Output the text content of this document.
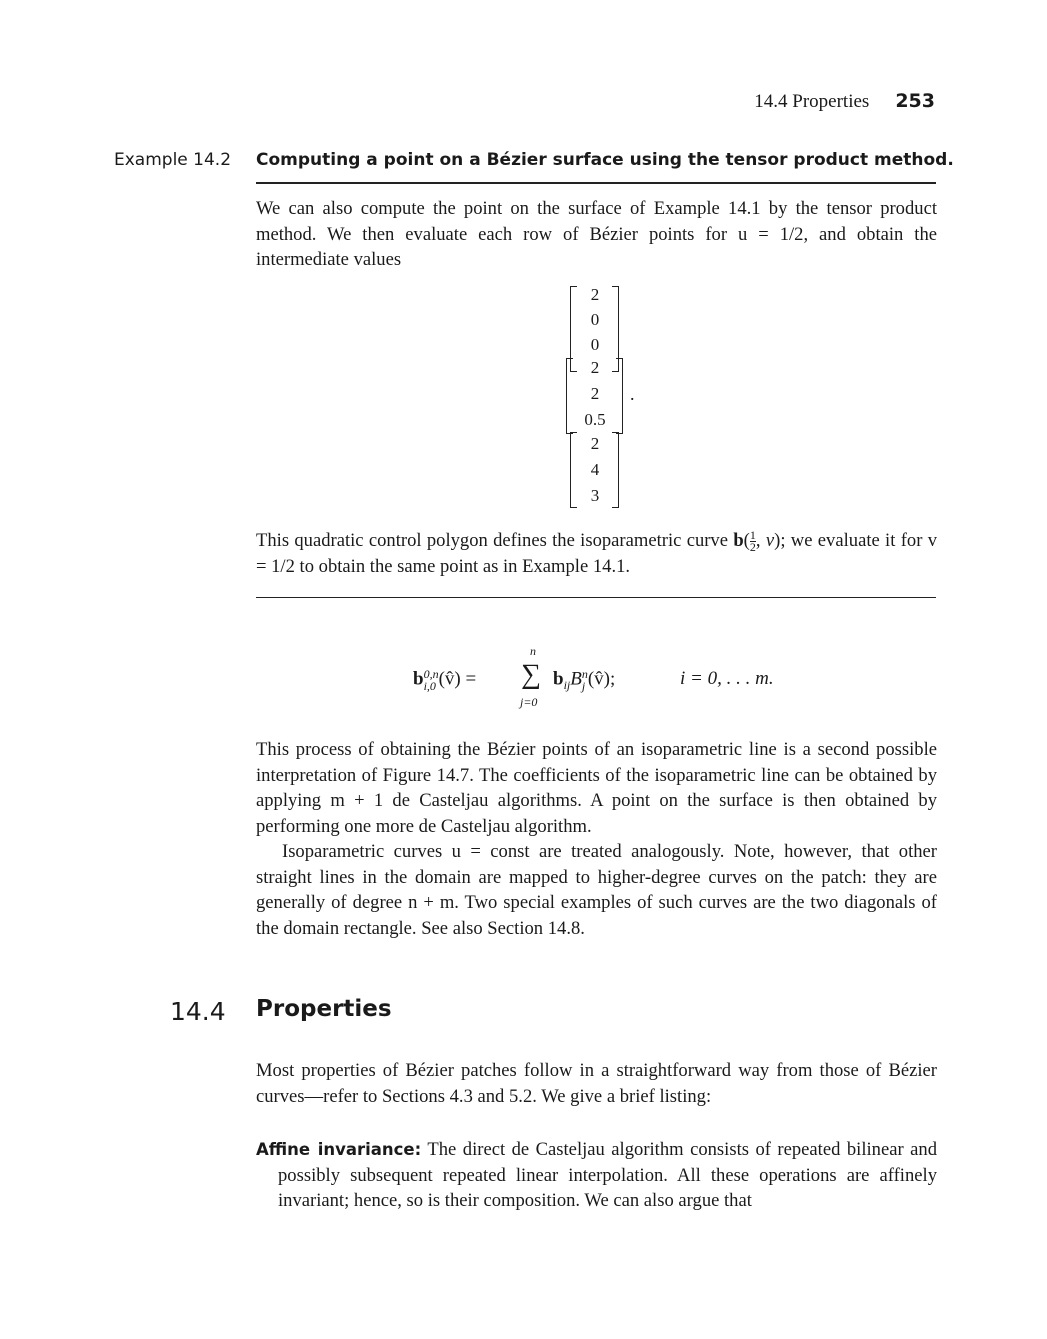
14.4 Properties 253
Example 14.2 Computing a point on a Bézier surface using the tensor product method.

We can also compute the point on the surface of Example 14.1 by the tensor product method. We then evaluate each row of Bézier points for u = 1/2, and obtain the intermediate values

2
0
0
2
2
0.5
.
2
4
3

This quadratic control polygon defines the isoparametric curve $b( \frac{1}{2}$ , v); we evaluate it for v = 1/2 to obtain the same point as in Example 14.1.

b 0,n
i,0 (v̂) =
n
∑
j=0
$b_{ij}B$ n
j (v̂);	i = 0, . . . m.

This process of obtaining the Bézier points of an isoparametric line is a second possible interpretation of Figure 14.7. The coefficients of the isoparametric line can be obtained by applying m + 1 de Casteljau algorithms. A point on the surface is then obtained by performing one more de Casteljau algorithm.

Isoparametric curves u = const are treated analogously. Note, however, that other straight lines in the domain are mapped to higher-degree curves on the patch: they are generally of degree n + m. Two special examples of such curves are the two diagonals of the domain rectangle. See also Section 14.8.

14.4 Properties

Most properties of Bézier patches follow in a straightforward way from those of Bézier curves—refer to Sections 4.3 and 5.2. We give a brief listing:

Affine invariance: The direct de Casteljau algorithm consists of repeated bilinear and possibly subsequent repeated linear interpolation. All these operations are affinely invariant; hence, so is their composition. We can also argue that
